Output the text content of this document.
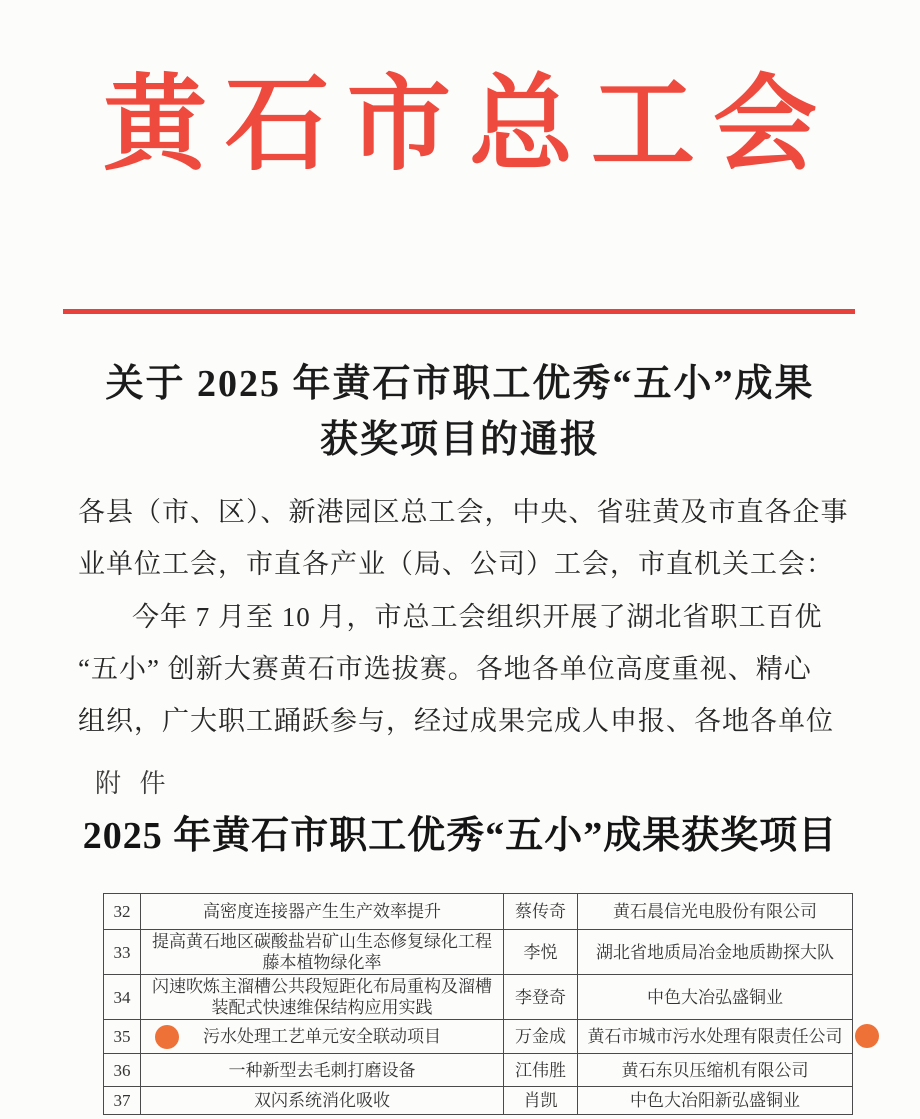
黄石市总工会
关于 2025 年黄石市职工优秀“五小”成果
获奖项目的通报
各县（市、区）、新港园区总工会，中央、省驻黄及市直各企事
业单位工会，市直各产业（局、公司）工会，市直机关工会：
今年 7 月至 10 月，市总工会组织开展了湖北省职工百优
“五小” 创新大赛黄石市选拔赛。各地各单位高度重视、精心
组织，广大职工踊跃参与，经过成果完成人申报、各地各单位
附 件
2025 年黄石市职工优秀“五小”成果获奖项目
32	高密度连接器产生生产效率提升	蔡传奇	黄石晨信光电股份有限公司
33	提高黄石地区碳酸盐岩矿山生态修复绿化工程藤本植物绿化率	李悦	湖北省地质局冶金地质勘探大队
34	闪速吹炼主溜槽公共段短距化布局重构及溜槽装配式快速维保结构应用实践	李登奇	中色大冶弘盛铜业
35	污水处理工艺单元安全联动项目	万金成	黄石市城市污水处理有限责任公司
36	一种新型去毛刺打磨设备	江伟胜	黄石东贝压缩机有限公司
37	双闪系统消化吸收	肖凯	中色大冶阳新弘盛铜业
